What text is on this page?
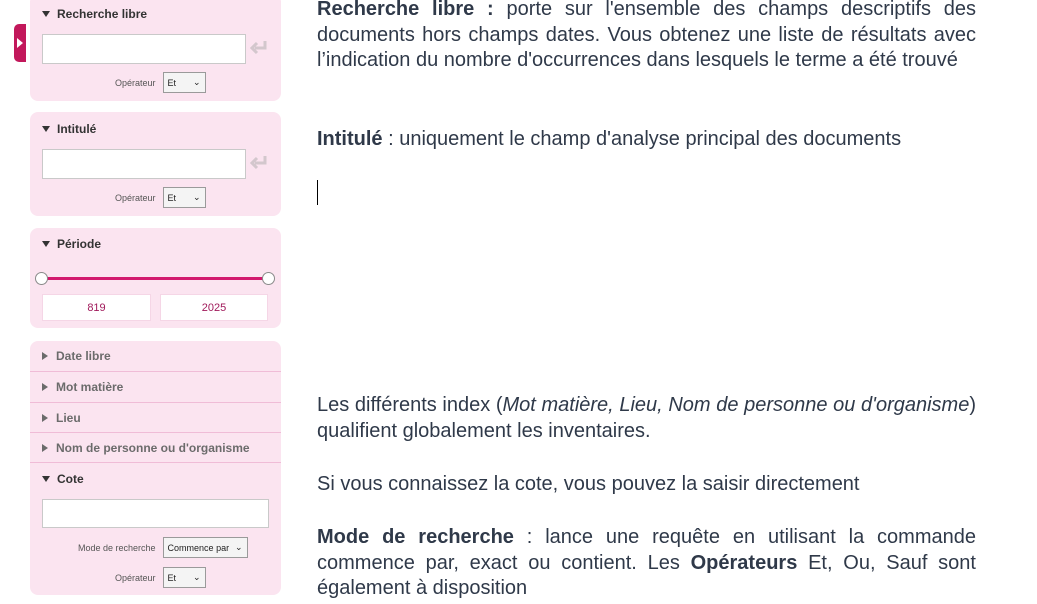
Recherche libre
Opérateur Et	⌄
Intitulé
Opérateur Et	⌄
Période
819	2025
Date libre
Mot matière
Lieu
Nom de personne ou d'organisme
Cote
Mode de recherche Commence par ⌄
Opérateur Et	⌄
Recherche libre : porte sur l'ensemble des champs descriptifs des documents hors champs dates. Vous obtenez une liste de résultats avec l’indication du nombre d'occurrences dans lesquels le terme a été trouvé
Intitulé : uniquement le champ d'analyse principal des documents
Les différents index (Mot matière, Lieu, Nom de personne ou d'organisme) qualifient globalement les inventaires.
Si vous connaissez la cote, vous pouvez la saisir directement
Mode de recherche : lance une requête en utilisant la commande commence par, exact ou contient. Les Opérateurs Et, Ou, Sauf sont également à disposition
